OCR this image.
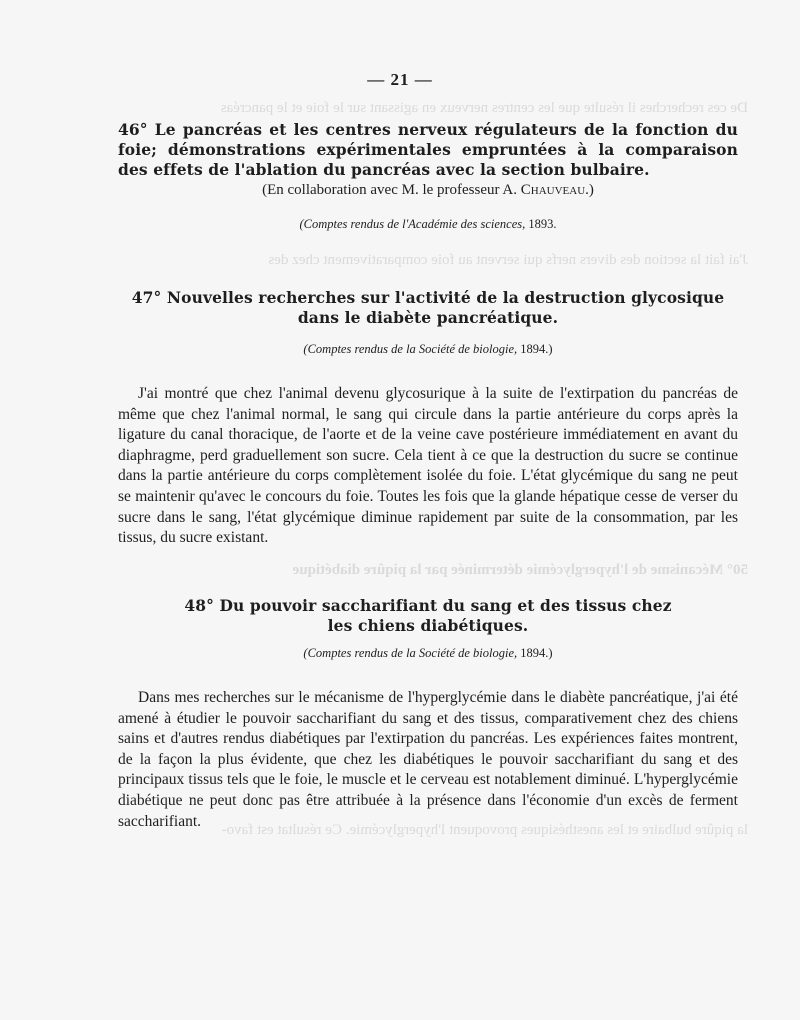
De ces recherches il résulte que les centres nerveux en agissant sur le foie et le pancréas
J'ai fait la section des divers nerfs qui servent au foie comparativement chez des
50° Mécanisme de l'hyperglycémie déterminée par la piqûre diabétique
la piqûre bulbaire et les anesthésiques provoquent l'hyperglycémie. Ce résultat est favo-
— 21 —
46° Le pancréas et les centres nerveux régulateurs de la fonction du
foie; démonstrations expérimentales empruntées à la comparaison
des effets de l'ablation du pancréas avec la section bulbaire.
(En collaboration avec M. le professeur A. Chauveau.)
(Comptes rendus de l'Académie des sciences, 1893.
47° Nouvelles recherches sur l'activité de la destruction glycosique
dans le diabète pancréatique.
(Comptes rendus de la Société de biologie, 1894.)

J'ai montré que chez l'animal devenu glycosurique à la suite de l'extirpation du pancréas de même que chez l'animal normal, le sang qui circule dans la partie antérieure du corps après la ligature du canal thoracique, de l'aorte et de la veine cave postérieure immédiatement en avant du diaphragme, perd graduellement son sucre. Cela tient à ce que la destruction du sucre se continue dans la partie antérieure du corps complètement isolée du foie. L'état glycémique du sang ne peut se maintenir qu'avec le concours du foie. Toutes les fois que la glande hépatique cesse de verser du sucre dans le sang, l'état glycémique diminue rapidement par suite de la consommation, par les tissus, du sucre existant.

48° Du pouvoir saccharifiant du sang et des tissus chez
les chiens diabétiques.
(Comptes rendus de la Société de biologie, 1894.)

Dans mes recherches sur le mécanisme de l'hyperglycémie dans le diabète pancréatique, j'ai été amené à étudier le pouvoir saccharifiant du sang et des tissus, comparativement chez des chiens sains et d'autres rendus diabétiques par l'extirpation du pancréas. Les expériences faites montrent, de la façon la plus évidente, que chez les diabétiques le pouvoir saccharifiant du sang et des principaux tissus tels que le foie, le muscle et le cerveau est notablement diminué. L'hyperglycémie diabétique ne peut donc pas être attribuée à la présence dans l'économie d'un excès de ferment saccharifiant.
